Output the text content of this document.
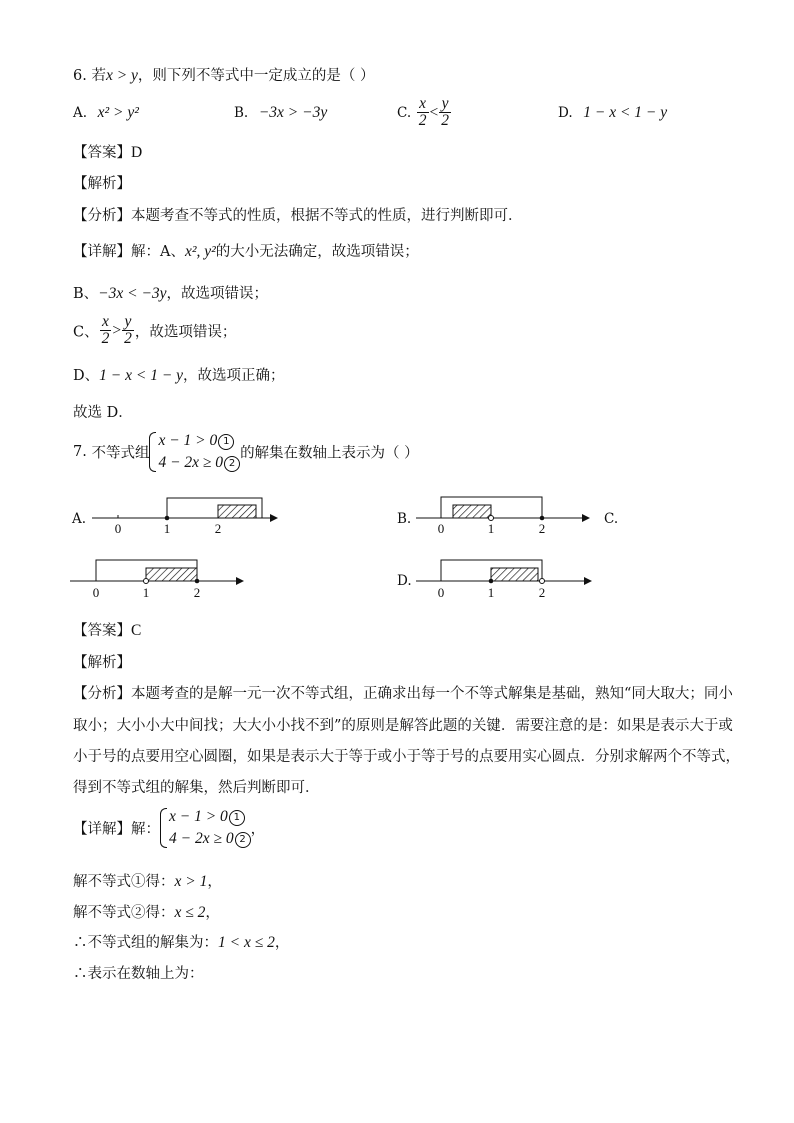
6. 若x > y，则下列不等式中一定成立的是（ ）
A. x² > y²	B. −3x > −3y	C. $\frac{x}{2} < \frac{y}{2}$	D. 1 − x < 1 − y
【答案】D
【解析】
【分析】本题考查不等式的性质，根据不等式的性质，进行判断即可．
【详解】解：A、x², y²的大小无法确定，故选项错误；
B、−3x < −3y，故选项错误；
C、 $\frac{x}{2} > \frac{y}{2}$ ，故选项错误；
D、1 − x < 1 − y，故选项正确；
故选 D．
7. 不等式组
x − 1 > 0 1
4 − 2x ≥ 0 2
的解集在数轴上表示为（ ）
A.	B.	C.
D.
0	1	2	0	1	2
0	1	2	0	1	2
【答案】C
【解析】
【分析】本题考查的是解一元一次不等式组，正确求出每一个不等式解集是基础，熟知“同大取大；同小
取小；大小小大中间找；大大小小找不到”的原则是解答此题的关键．需要注意的是：如果是表示大于或
小于号的点要用空心圆圈，如果是表示大于等于或小于等于号的点要用实心圆点．分别求解两个不等式，
得到不等式组的解集，然后判断即可．
【详解】解：
x − 1 > 0 1
4 − 2x ≥ 0 2
，
解不等式①得：x > 1，
解不等式②得：x ≤ 2，
∴不等式组的解集为：1 < x ≤ 2，
∴表示在数轴上为：
